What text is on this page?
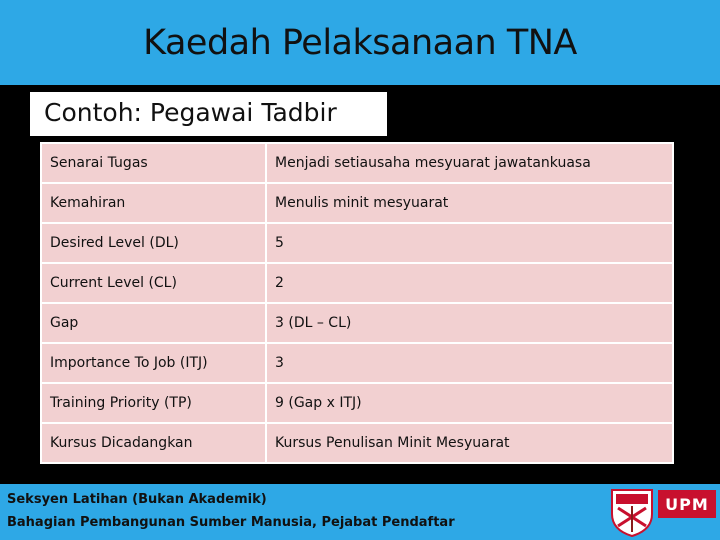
Kaedah Pelaksanaan TNA
Contoh: Pegawai Tadbir
Senarai Tugas	Menjadi setiausaha mesyuarat jawatankuasa
Kemahiran	Menulis minit mesyuarat
Desired Level (DL)	5
Current Level (CL)	2
Gap	3 (DL – CL)
Importance To Job (ITJ)	3
Training Priority (TP)	9 (Gap x ITJ)
Kursus Dicadangkan	Kursus Penulisan Minit Mesyuarat
Seksyen Latihan (Bukan Akademik)
Bahagian Pembangunan Sumber Manusia, Pejabat Pendaftar
UPM
